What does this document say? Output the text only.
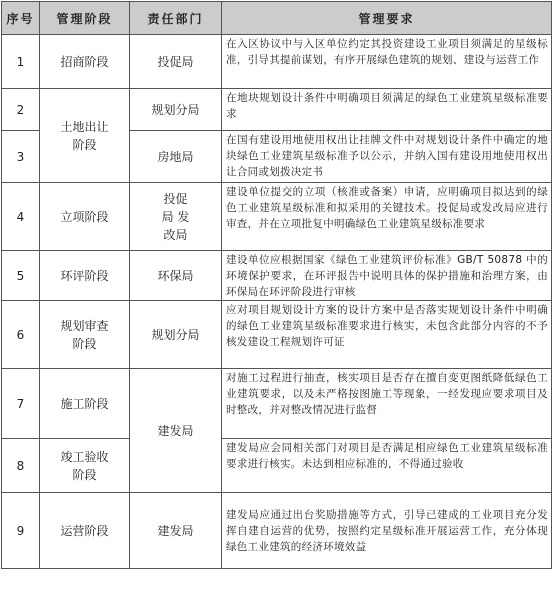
序号	管理阶段	责任部门	管理要求
1	招商阶段	投促局	在入区协议中与入区单位约定其投资建设工业项目须满足的星级标准，引导其提前谋划，有序开展绿色建筑的规划、建设与运营工作
2	土地出让阶段	规划分局	在地块规划设计条件中明确项目须满足的绿色工业建筑星级标准要求
3		房地局	在国有建设用地使用权出让挂牌文件中对规划设计条件中确定的地块绿色工业建筑星级标准予以公示，并纳入国有建设用地使用权出让合同或划拨决定书
4	立项阶段	投促局 发改局	建设单位提交的立项（核准或备案）申请，应明确项目拟达到的绿色工业建筑星级标准和拟采用的关键技术。投促局或发改局应进行审查，并在立项批复中明确绿色工业建筑星级标准要求
5	环评阶段	环保局	建设单位应根据国家《绿色工业建筑评价标准》GB/T 50878 中的环境保护要求，在环评报告中说明具体的保护措施和治理方案，由环保局在环评阶段进行审核
6	规划审查阶段	规划分局	应对项目规划设计方案的设计方案中是否落实规划设计条件中明确的绿色工业建筑星级标准要求进行核实，未包含此部分内容的不予核发建设工程规划许可证
7	施工阶段	建发局	对施工过程进行抽查，核实项目是否存在擅自变更图纸降低绿色工业建筑要求，以及未严格按图施工等现象，一经发现应要求项目及时整改，并对整改情况进行监督
8	竣工验收阶段		建发局应会同相关部门对项目是否满足相应绿色工业建筑星级标准要求进行核实。未达到相应标准的，不得通过验收
9	运营阶段	建发局	建发局应通过出台奖励措施等方式，引导已建成的工业项目充分发挥自建自运营的优势，按照约定星级标准开展运营工作，充分体现绿色工业建筑的经济环境效益
